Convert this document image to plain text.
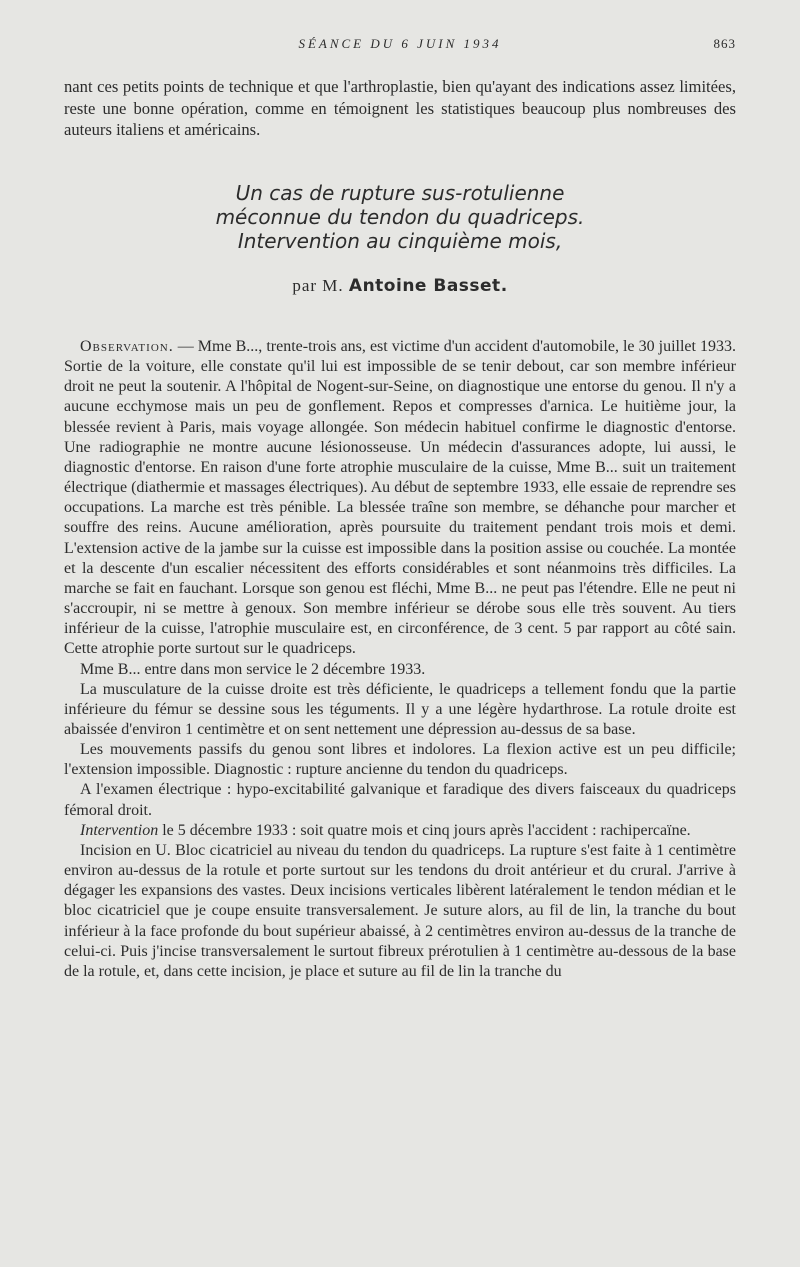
SÉANCE DU 6 JUIN 1934	863

nant ces petits points de technique et que l'arthroplastie, bien qu'ayant des indications assez limitées, reste une bonne opération, comme en témoignent les statistiques beaucoup plus nombreuses des auteurs italiens et américains.

Un cas de rupture sus-rotulienne
méconnue du tendon du quadriceps.
Intervention au cinquième mois,
par M. Antoine Basset.

Observation. — Mme B..., trente-trois ans, est victime d'un accident d'automobile, le 30 juillet 1933. Sortie de la voiture, elle constate qu'il lui est impossible de se tenir debout, car son membre inférieur droit ne peut la soutenir. A l'hôpital de Nogent-sur-Seine, on diagnostique une entorse du genou. Il n'y a aucune ecchymose mais un peu de gonflement. Repos et compresses d'arnica. Le huitième jour, la blessée revient à Paris, mais voyage allongée. Son médecin habituel confirme le diagnostic d'entorse. Une radiographie ne montre aucune lésionosseuse. Un médecin d'assurances adopte, lui aussi, le diagnostic d'entorse. En raison d'une forte atrophie musculaire de la cuisse, Mme B... suit un traitement électrique (diathermie et massages électriques). Au début de septembre 1933, elle essaie de reprendre ses occupations. La marche est très pénible. La blessée traîne son membre, se déhanche pour marcher et souffre des reins. Aucune amélioration, après poursuite du traitement pendant trois mois et demi. L'extension active de la jambe sur la cuisse est impossible dans la position assise ou couchée. La montée et la descente d'un escalier nécessitent des efforts considérables et sont néanmoins très difficiles. La marche se fait en fauchant. Lorsque son genou est fléchi, Mme B... ne peut pas l'étendre. Elle ne peut ni s'accroupir, ni se mettre à genoux. Son membre inférieur se dérobe sous elle très souvent. Au tiers inférieur de la cuisse, l'atrophie musculaire est, en circonférence, de 3 cent. 5 par rapport au côté sain. Cette atrophie porte surtout sur le quadriceps.

Mme B... entre dans mon service le 2 décembre 1933.

La musculature de la cuisse droite est très déficiente, le quadriceps a tellement fondu que la partie inférieure du fémur se dessine sous les téguments. Il y a une légère hydarthrose. La rotule droite est abaissée d'environ 1 centimètre et on sent nettement une dépression au-dessus de sa base.

Les mouvements passifs du genou sont libres et indolores. La flexion active est un peu difficile; l'extension impossible. Diagnostic : rupture ancienne du tendon du quadriceps.

A l'examen électrique : hypo-excitabilité galvanique et faradique des divers faisceaux du quadriceps fémoral droit.

Intervention le 5 décembre 1933 : soit quatre mois et cinq jours après l'accident : rachipercaïne.

Incision en U. Bloc cicatriciel au niveau du tendon du quadriceps. La rupture s'est faite à 1 centimètre environ au-dessus de la rotule et porte surtout sur les tendons du droit antérieur et du crural. J'arrive à dégager les expansions des vastes. Deux incisions verticales libèrent latéralement le tendon médian et le bloc cicatriciel que je coupe ensuite transversalement. Je suture alors, au fil de lin, la tranche du bout inférieur à la face profonde du bout supérieur abaissé, à 2 centimètres environ au-dessus de la tranche de celui-ci. Puis j'incise transversalement le surtout fibreux prérotulien à 1 centimètre au-dessous de la base de la rotule, et, dans cette incision, je place et suture au fil de lin la tranche du
